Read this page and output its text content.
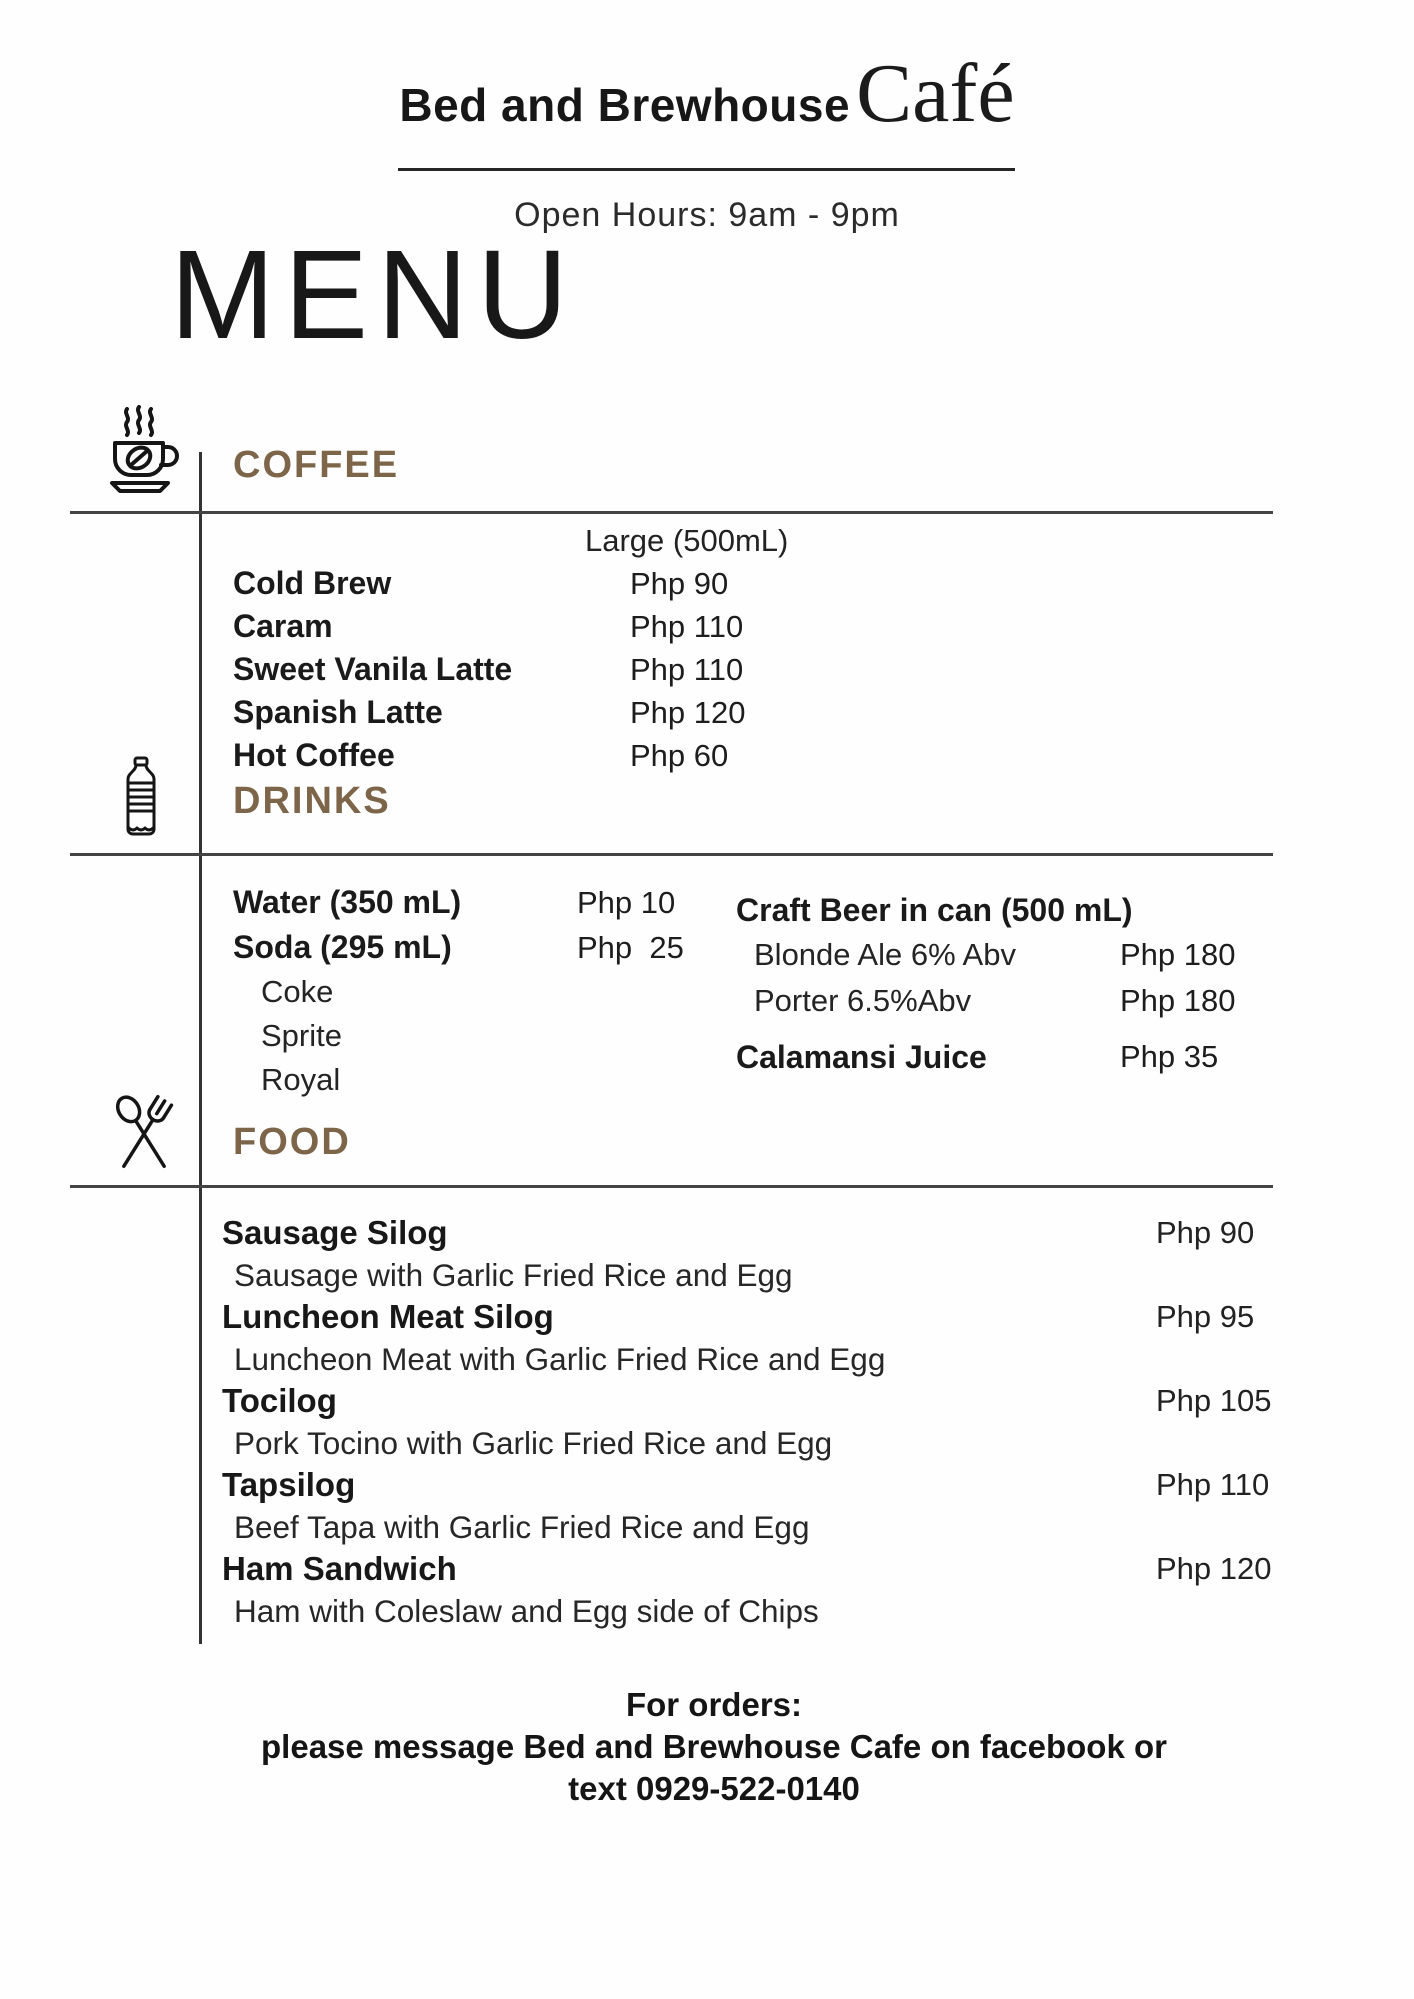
Bed and Brewhouse Café
Open Hours: 9am - 9pm
MENU
COFFEE
Large (500mL)
Cold Brew	Php 90
Caram	Php 110
Sweet Vanila Latte	Php 110
Spanish Latte	Php 120
Hot Coffee	Php 60
DRINKS
Water (350 mL)	Php 10
Soda (295 mL)	Php  25
Coke
Sprite
Royal
Craft Beer in can (500 mL)
Blonde Ale 6% Abv	Php 180
Porter 6.5%Abv	Php 180
Calamansi Juice	Php 35
FOOD
Sausage Silog	Php 90
Sausage with Garlic Fried Rice and Egg
Luncheon Meat Silog	Php 95
Luncheon Meat with Garlic Fried Rice and Egg
Tocilog	Php 105
Pork Tocino with Garlic Fried Rice and Egg
Tapsilog	Php 110
Beef Tapa with Garlic Fried Rice and Egg
Ham Sandwich	Php 120
Ham with Coleslaw and Egg side of Chips
For orders:
please message Bed and Brewhouse Cafe on facebook or
text 0929-522-0140
